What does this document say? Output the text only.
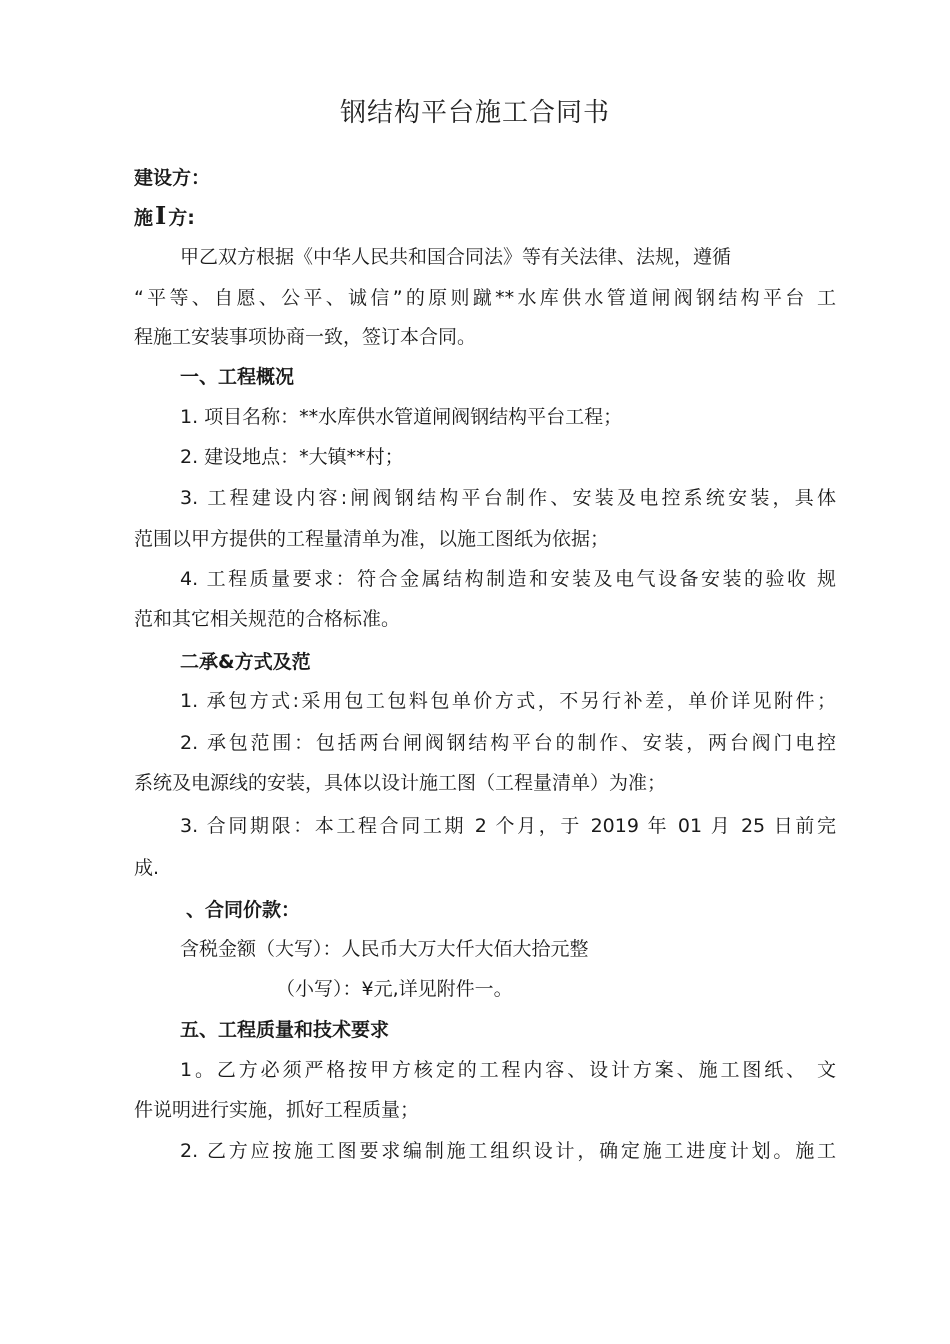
钢结构平台施工合同书
建设方：
施I 方:
甲乙双方根据《中华人民共和国合同法》等有关法律、法规，遵循
“平等、自愿、公平、诚信”的原则蹴**水库供水管道闸阀钢结构平台 工
程施工安装事项协商一致，签订本合同。
一、工程概况
1. 项目名称：**水库供水管道闸阀钢结构平台工程；
2. 建设地点：*大镇**村；
3. 工程建设内容:闸阀钢结构平台制作、安装及电控系统安装，具体
范围以甲方提供的工程量清单为准，以施工图纸为依据；
4. 工程质量要求：符合金属结构制造和安装及电气设备安装的验收 规
范和其它相关规范的合格标准。
二承&方式及范
1. 承包方式:采用包工包料包单价方式，不另行补差，单价详见附件；
2. 承包范围：包括两台闸阀钢结构平台的制作、安装，两台阀门电控
系统及电源线的安装，具体以设计施工图（工程量清单）为准；
3. 合同期限：本工程合同工期 2 个月，于 2019 年 01 月 25 日前完
成.
、合同价款：
含税金额（大写）：人民币大万大仟大佰大拾元整
（小写）：¥元,详见附件一。
五、工程质量和技术要求
1。乙方必须严格按甲方核定的工程内容、设计方案、施工图纸、 文
件说明进行实施，抓好工程质量；
2. 乙方应按施工图要求编制施工组织设计，确定施工进度计划。施工
